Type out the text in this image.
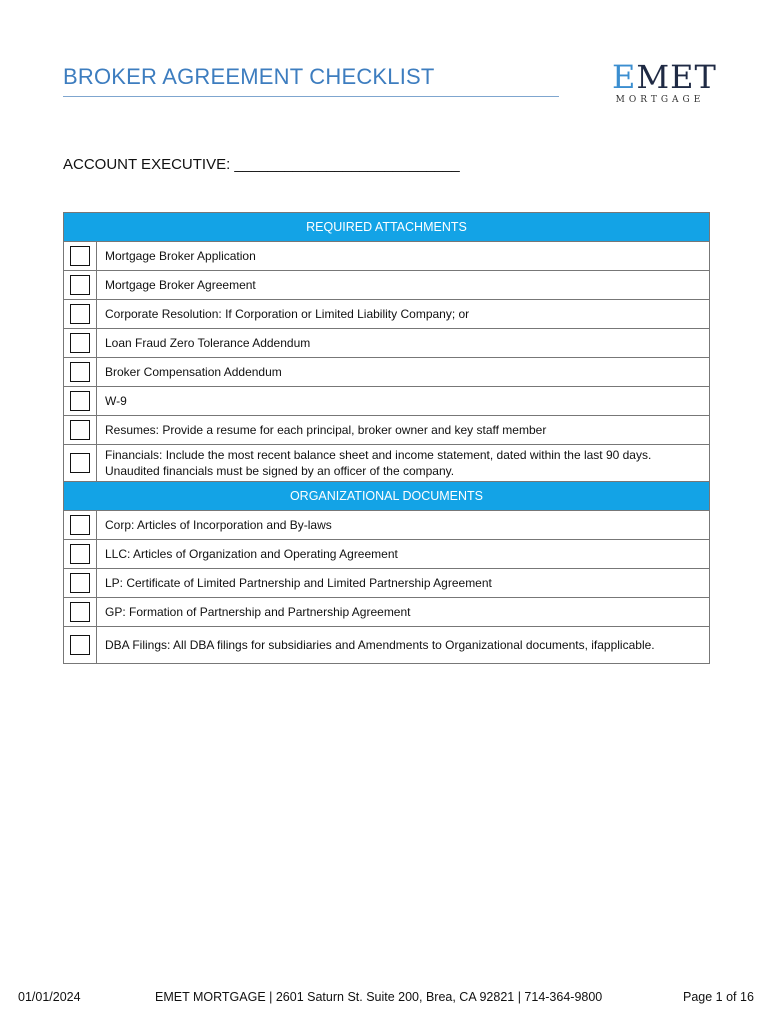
BROKER AGREEMENT CHECKLIST	EMET
MORTGAGE
ACCOUNT EXECUTIVE: ___________________________
REQUIRED ATTACHMENTS	
	Mortgage Broker Application
	Mortgage Broker Agreement
	Corporate Resolution: If Corporation or Limited Liability Company; or
	Loan Fraud Zero Tolerance Addendum
	Broker Compensation Addendum
	W-9
	Resumes: Provide a resume for each principal, broker owner and key staff member
	Financials: Include the most recent balance sheet and income statement, dated within the last 90 days. Unaudited financials must be signed by an officer of the company.
ORGANIZATIONAL DOCUMENTS	
	Corp: Articles of Incorporation and By-laws
	LLC: Articles of Organization and Operating Agreement
	LP: Certificate of Limited Partnership and Limited Partnership Agreement
	GP: Formation of Partnership and Partnership Agreement
	DBA Filings: All DBA filings for subsidiaries and Amendments to Organizational documents, ifapplicable.
01/01/2024	EMET MORTGAGE | 2601 Saturn St. Suite 200, Brea, CA 92821 | 714-364-9800	Page 1 of 16
